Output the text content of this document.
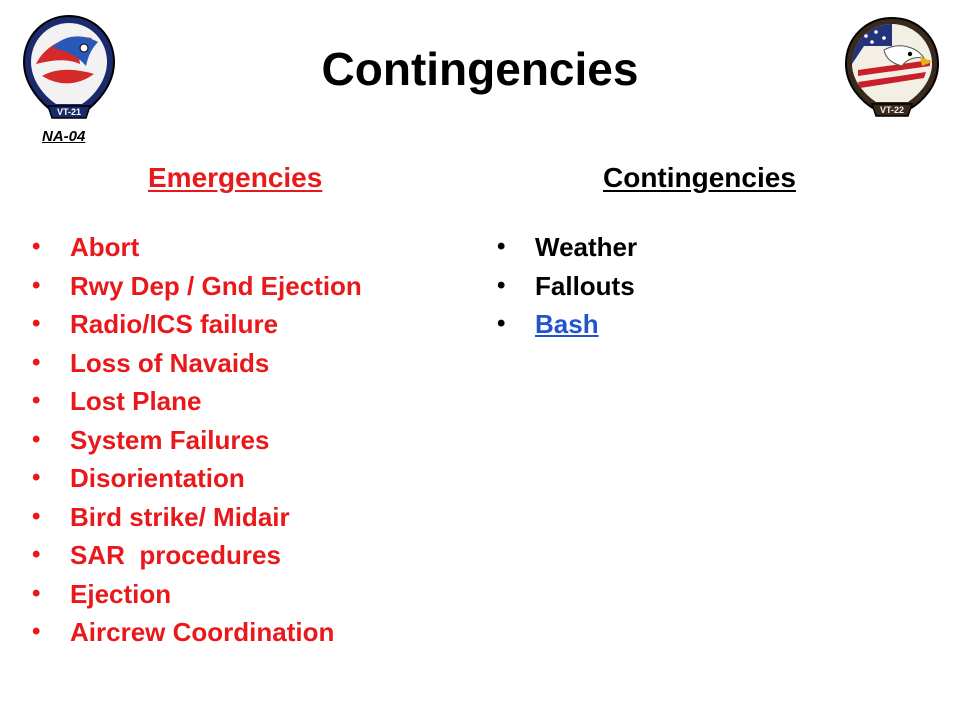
VT-21	VT-22
Contingencies
NA-04
Emergencies	Contingencies
• Abort
• Rwy Dep / Gnd Ejection
• Radio/ICS failure
• Loss of Navaids
• Lost Plane
• System Failures
• Disorientation
• Bird strike/ Midair
• SAR  procedures
• Ejection
• Aircrew Coordination
• Weather
• Fallouts
• Bash
